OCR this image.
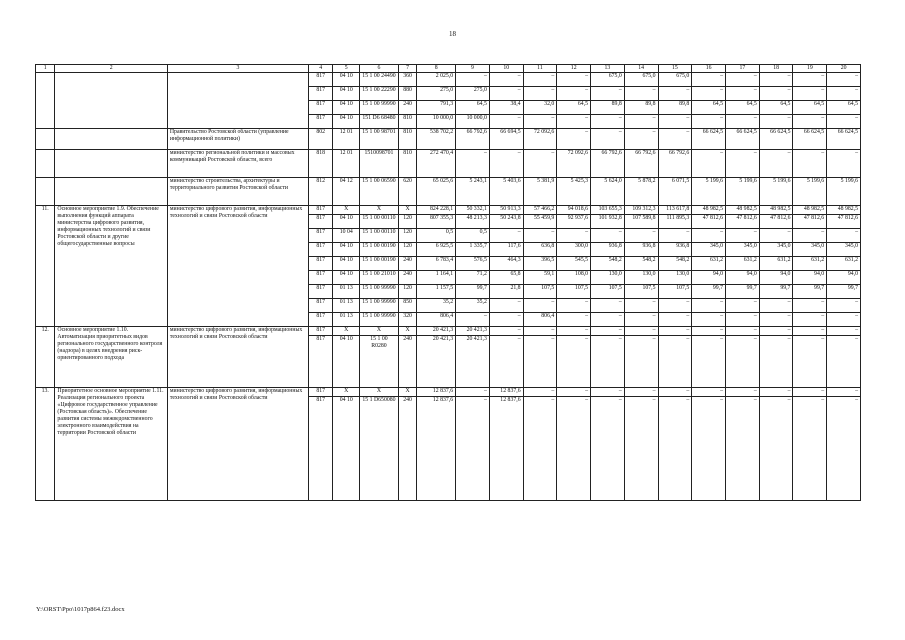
18
1	2	3	4	5	6	7	8	9	10	11	12	13	14	15	16	17	18	19	20
			817	04 10	15 1 00 24490	360	2 025,0	–	–	–	–	675,0	675,0	675,0	–	–	–	–	–
			817	04 10	15 1 00 22290	880	275,0	275,0	–	–	–	–	–	–	–	–	–	–	–
			817	04 10	15 1 00 99990	240	791,3	64,5	38,4	32,0	64,5	89,8	89,8	89,8	64,5	64,5	64,5	64,5	64,5
			817	04 10	151 D6 68480	810	10 000,0	10 000,0	–	–	–	–	–	–	–	–	–	–	–
		Правительство Ростовской области (управление информационной политики)	802	12 01	15 1 00 98701	810	538 702,2	66 792,6	66 694,5	72 092,6	–	–	–	–	66 624,5	66 624,5	66 624,5	66 624,5	66 624,5
		министерство региональной политики и массовых коммуникаций Ростовской области, всего	818	12 01	1510098701	810	272 470,4	–	–	–	72 092,6	66 792,6	66 792,6	66 792,6	–	–	–	–	–
		министерство строительства, архитектуры и территориального развития Ростовской области	812	04 12	15 1 00 06590	620	65 025,6	5 243,1	5 403,6	5 381,9	5 425,3	5 624,0	5 878,2	6 071,5	5 199,6	5 199,6	5 199,6	5 199,6	5 199,6
11.	Основное мероприятие 1.9. Обеспечение выполнения функций аппарата министерства цифрового развития, информационных технологий и связи Ростовской области и другие общегосударственные вопросы	министерство цифрового развития, информационных технологий и связи Ростовской области	817	X	X	X	824 228,1	50 332,1	50 913,3	57 466,2	94 018,6	103 655,3	109 312,3	113 617,8	48 982,5	48 982,5	48 982,5	48 982,5	48 982,5
			817	04 10	15 1 00 00110	120	807 355,3	48 213,3	50 243,8	55 459,9	92 937,6	101 932,8	107 589,8	111 895,3	47 812,6	47 812,6	47 812,6	47 812,6	47 812,6
			817	10 04	15 1 00 00110	120	0,5	0,5	–	–	–	–	–	–	–	–	–	–	–
			817	04 10	15 1 00 00190	120	6 925,5	1 335,7	117,6	636,8	300,0	936,8	936,8	936,8	345,0	345,0	345,0	345,0	345,0
			817	04 10	15 1 00 00190	240	6 783,4	576,5	464,3	396,5	545,5	548,2	548,2	548,2	631,2	631,2	631,2	631,2	631,2
			817	04 10	15 1 00 21010	240	1 164,1	71,2	65,8	59,1	108,0	130,0	130,0	130,0	94,0	94,0	94,0	94,0	94,0
			817	01 13	15 1 00 99990	120	1 157,5	99,7	21,8	107,5	107,5	107,5	107,5	107,5	99,7	99,7	99,7	99,7	99,7
			817	01 13	15 1 00 99990	850	35,2	35,2	–	–	–	–	–	–	–	–	–	–	–
			817	01 13	15 1 00 99990	320	806,4	–	–	806,4	–	–	–	–	–	–	–	–	–
12.	Основное мероприятие 1.10. Автоматизация приоритетных видов регионального государственного контроля (надзора) в целях внедрения риск-ориентированного подхода	министерство цифрового развития, информационных технологий и связи Ростовской области	817	X	X	X	20 421,3	20 421,3	–	–	–	–	–	–	–	–	–	–	–
			817	04 10	15 1 00 R0280	240	20 421,3	20 421,3	–	–	–	–	–	–	–	–	–	–	–
13.	Приоритетное основное мероприятие 1.11. Реализация регионального проекта «Цифровое государственное управление (Ростовская область)». Обеспечение развития системы межведомственного электронного взаимодействия на территории Ростовской области	министерство цифрового развития, информационных технологий и связи Ростовской области	817	X	X	X	12 837,6	–	12 837,6	–	–	–	–	–	–	–	–	–	–
			817	04 10	15 1 D650080	240	12 837,6	–	12 837,6	–	–	–	–	–	–	–	–	–	–
Y:\ORST\Ppo\1017p864.f23.docx
